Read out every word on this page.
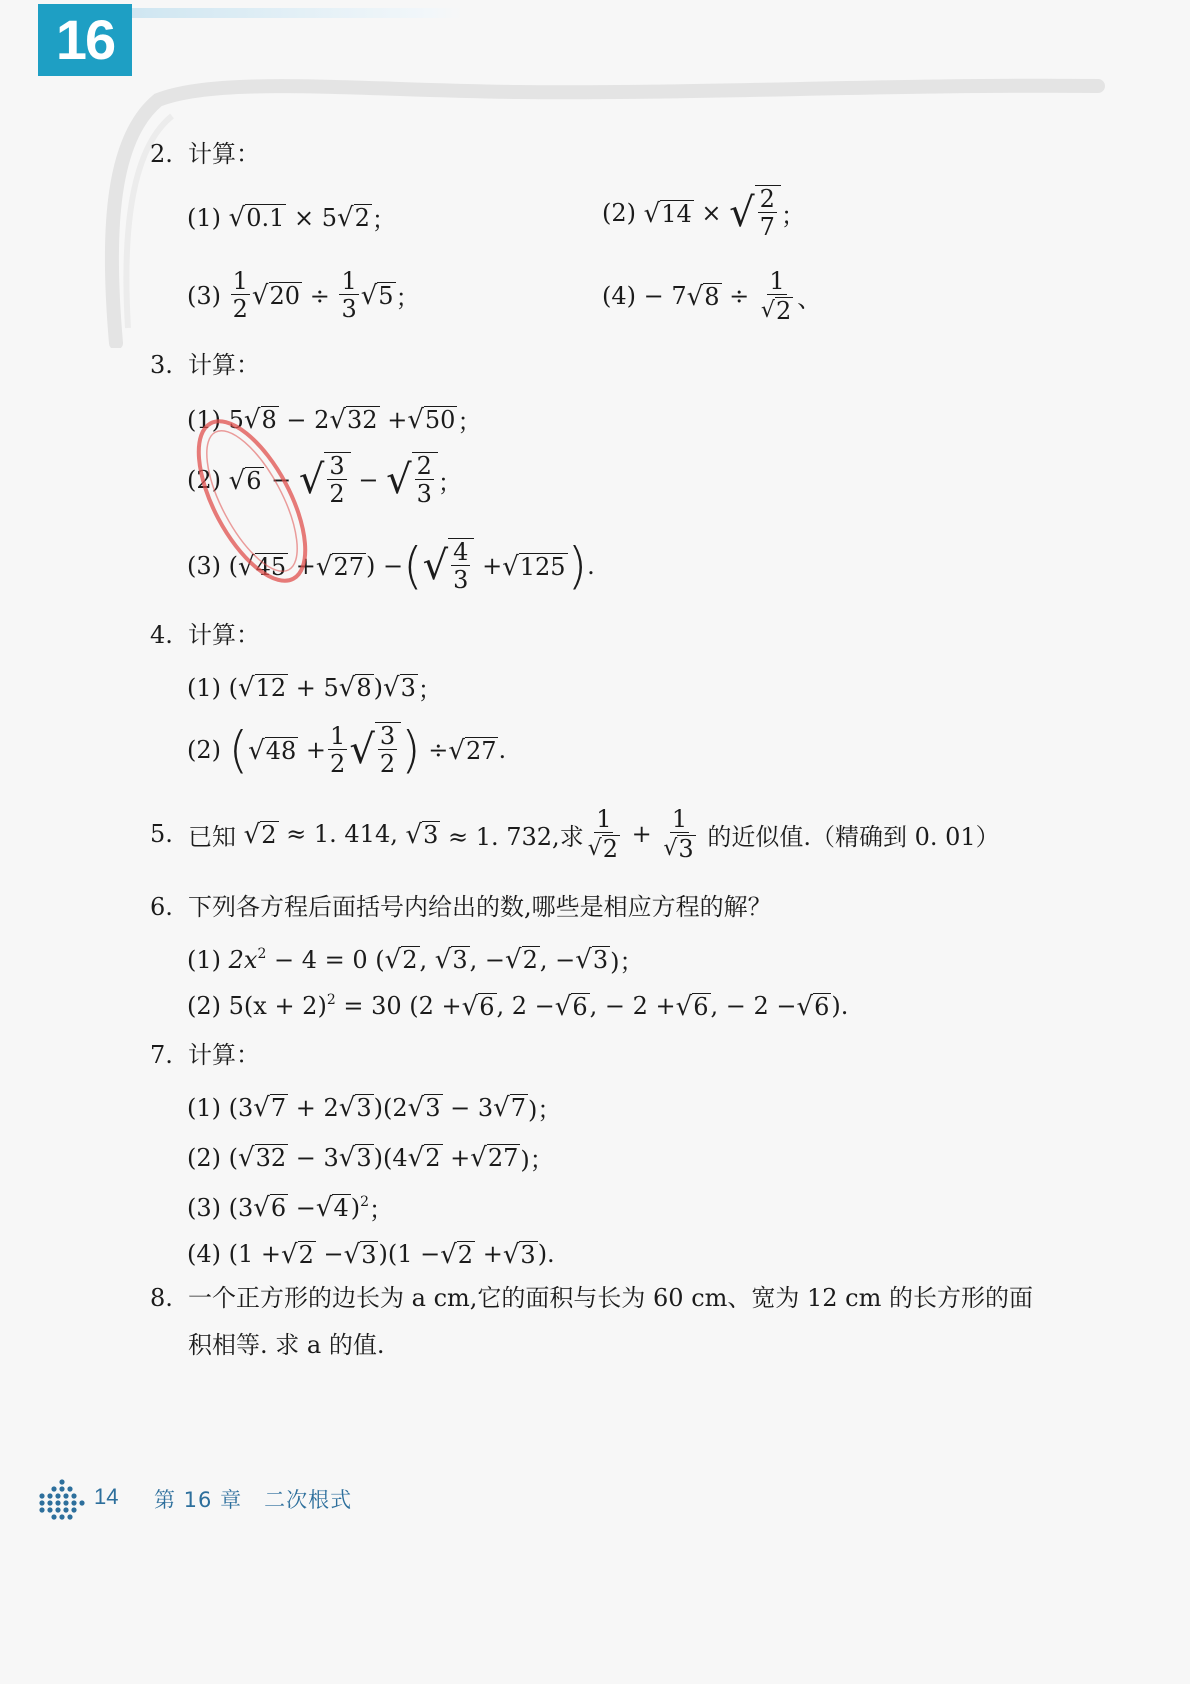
16
2. 计算：
(1)
√ 0.1
× 5 √ 2 ；	(2)
√ 14
×
√ $\frac{2}{7}$ ；
(3)
$\frac{1}{2}$ √ 20
÷
$\frac{1}{3}$ √ 5 ；	(4)
− 7 √ 8
÷
$\frac{1}{√ 2}$ 、
3. 计算：
(1)
5 √ 8
− 2 √ 32
+ √ 50 ；
(2)
√ 6
−
√ $\frac{3}{2}$
−
√ $\frac{2}{3}$ ；
(3)
( √ 45
+ √ 27 )
− ( √ $\frac{4}{3}$
+ √ 125 ) .
4. 计算：
(1)
( √ 12
+ 5 √ 8 ) √ 3 ；
(2)
( √ 48
+ $\frac{1}{2}$ √ $\frac{3}{2}$ )
÷ √ 27 .
5. 已知
√ 2
≈ 1. 414,
√ 3
≈ 1. 732,求 $\frac{1}{√ 2}$
+
$\frac{1}{√ 3}$
的近似值.（精确到 0. 01）
6. 下列各方程后面括号内给出的数,哪些是相应方程的解？
(1)
2x 2
− 4 = 0 ( √ 2 ,
√ 3 , − √ 2 , − √ 3 )；
(2)
5(x + 2) 2
= 30 (2 + √ 6 , 2 − √ 6 , − 2 + √ 6 , − 2 − √ 6 ).
7. 计算：
(1)
(3 √ 7
+ 2 √ 3 )(2 √ 3
− 3 √ 7 )；
(2)
( √ 32
− 3 √ 3 )(4 √ 2
+ √ 27 )；
(3)
(3 √ 6
− √ 4 ) 2 ；
(4)
(1 + √ 2
− √ 3 )(1 − √ 2
+ √ 3 ).
8. 一个正方形的边长为 a cm,它的面积与长为 60 cm、宽为 12 cm 的长方形的面
积相等. 求 a 的值.
14 第 16 章　二次根式
